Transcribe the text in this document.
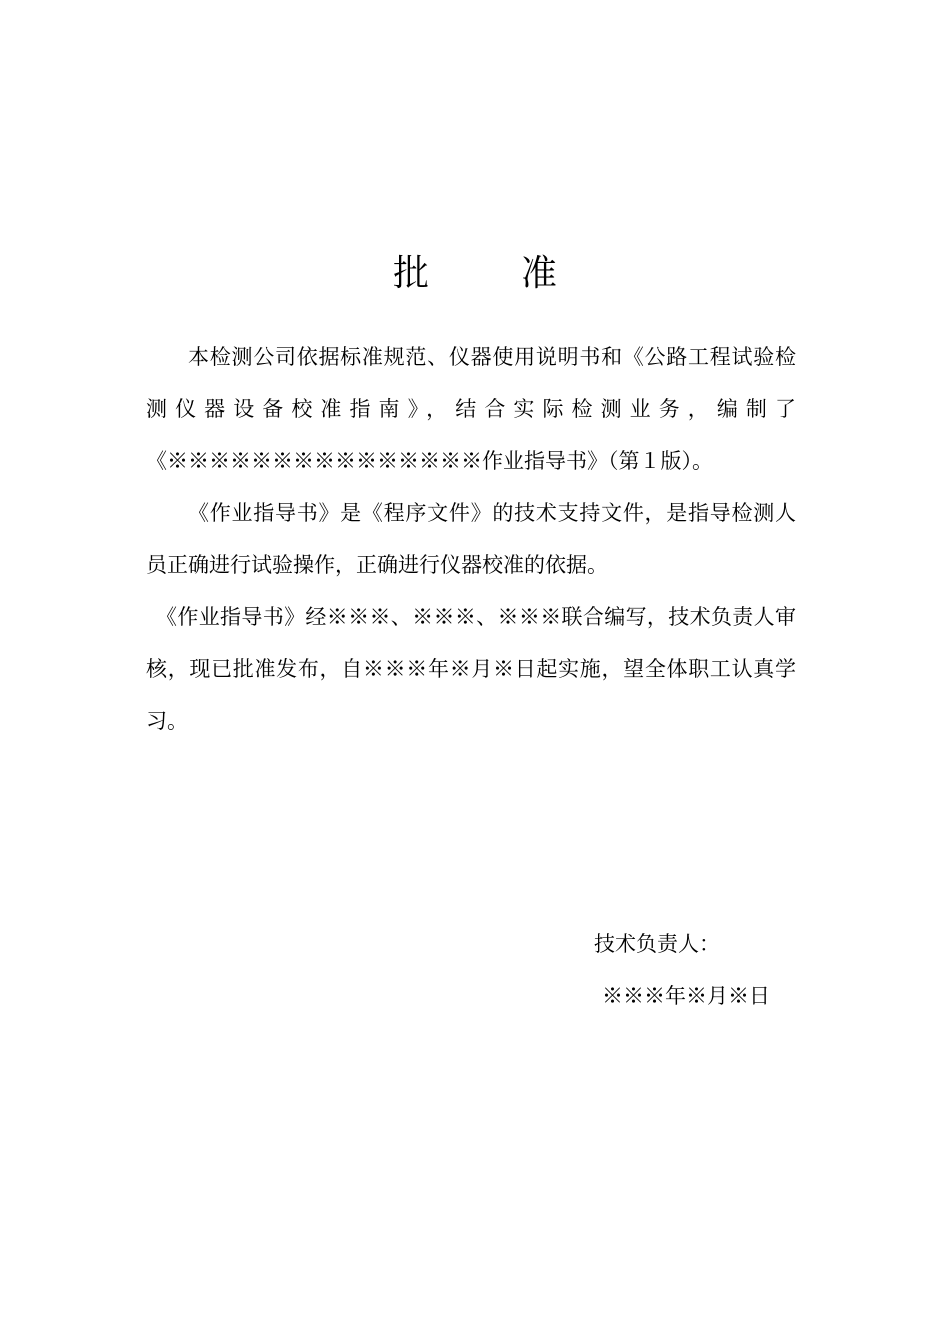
批　准

本检测公司依据标准规范、仪器使用说明书和《公路工程试验检测仪器设备校准指南》，结合实际检测业务，编制了《※※※※※※※※※※※※※※※作业指导书》（第１版）。

《作业指导书》是《程序文件》的技术支持文件，是指导检测人员正确进行试验操作，正确进行仪器校准的依据。

《作业指导书》经※※※、※※※、※※※联合编写，技术负责人审核，现已批准发布，自※※※年※月※日起实施，望全体职工认真学习。

技术负责人：
※※※年※月※日
